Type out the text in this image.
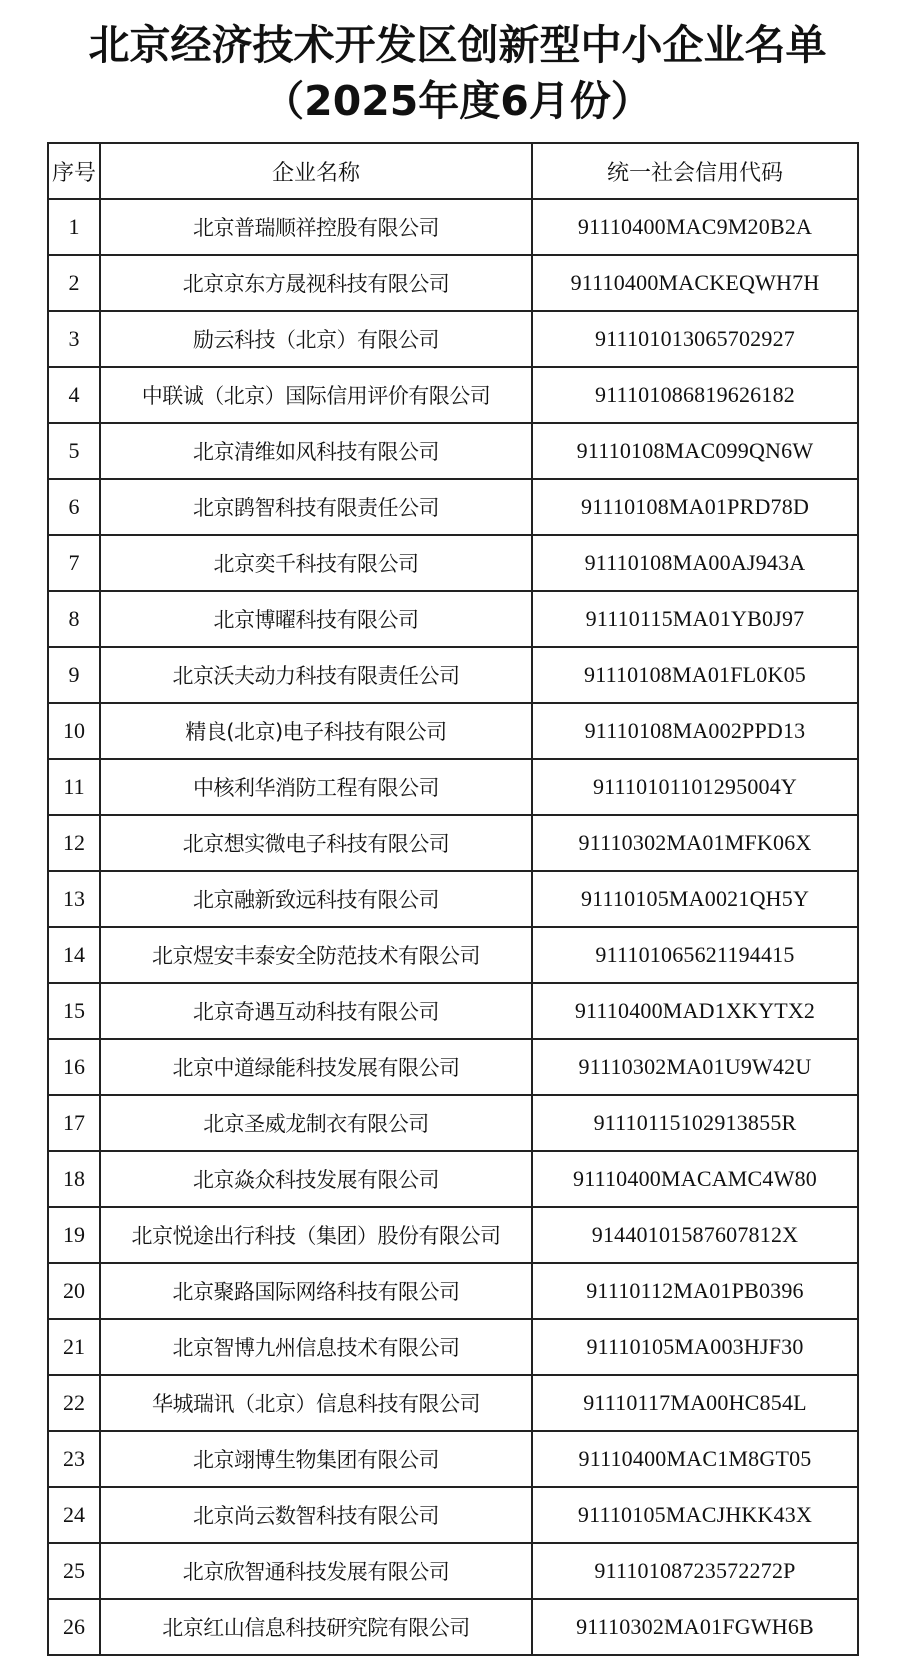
北京经济技术开发区创新型中小企业名单
（2025年度6月份）
序号	企业名称	统一社会信用代码
1	北京普瑞顺祥控股有限公司	91110400MAC9M20B2A
2	北京京东方晟视科技有限公司	91110400MACKEQWH7H
3	励云科技（北京）有限公司	911101013065702927
4	中联诚（北京）国际信用评价有限公司	911101086819626182
5	北京清维如风科技有限公司	91110108MAC099QN6W
6	北京鹍智科技有限责任公司	91110108MA01PRD78D
7	北京奕千科技有限公司	91110108MA00AJ943A
8	北京博曜科技有限公司	91110115MA01YB0J97
9	北京沃夫动力科技有限责任公司	91110108MA01FL0K05
10	精良(北京)电子科技有限公司	91110108MA002PPD13
11	中核利华消防工程有限公司	91110101101295004Y
12	北京想实微电子科技有限公司	91110302MA01MFK06X
13	北京融新致远科技有限公司	91110105MA0021QH5Y
14	北京煜安丰泰安全防范技术有限公司	911101065621194415
15	北京奇遇互动科技有限公司	91110400MAD1XKYTX2
16	北京中道绿能科技发展有限公司	91110302MA01U9W42U
17	北京圣威龙制衣有限公司	91110115102913855R
18	北京焱众科技发展有限公司	91110400MACAMC4W80
19	北京悦途出行科技（集团）股份有限公司	91440101587607812X
20	北京聚路国际网络科技有限公司	91110112MA01PB0396
21	北京智博九州信息技术有限公司	91110105MA003HJF30
22	华城瑞讯（北京）信息科技有限公司	91110117MA00HC854L
23	北京翊博生物集团有限公司	91110400MAC1M8GT05
24	北京尚云数智科技有限公司	91110105MACJHKK43X
25	北京欣智通科技发展有限公司	91110108723572272P
26	北京红山信息科技研究院有限公司	91110302MA01FGWH6B
